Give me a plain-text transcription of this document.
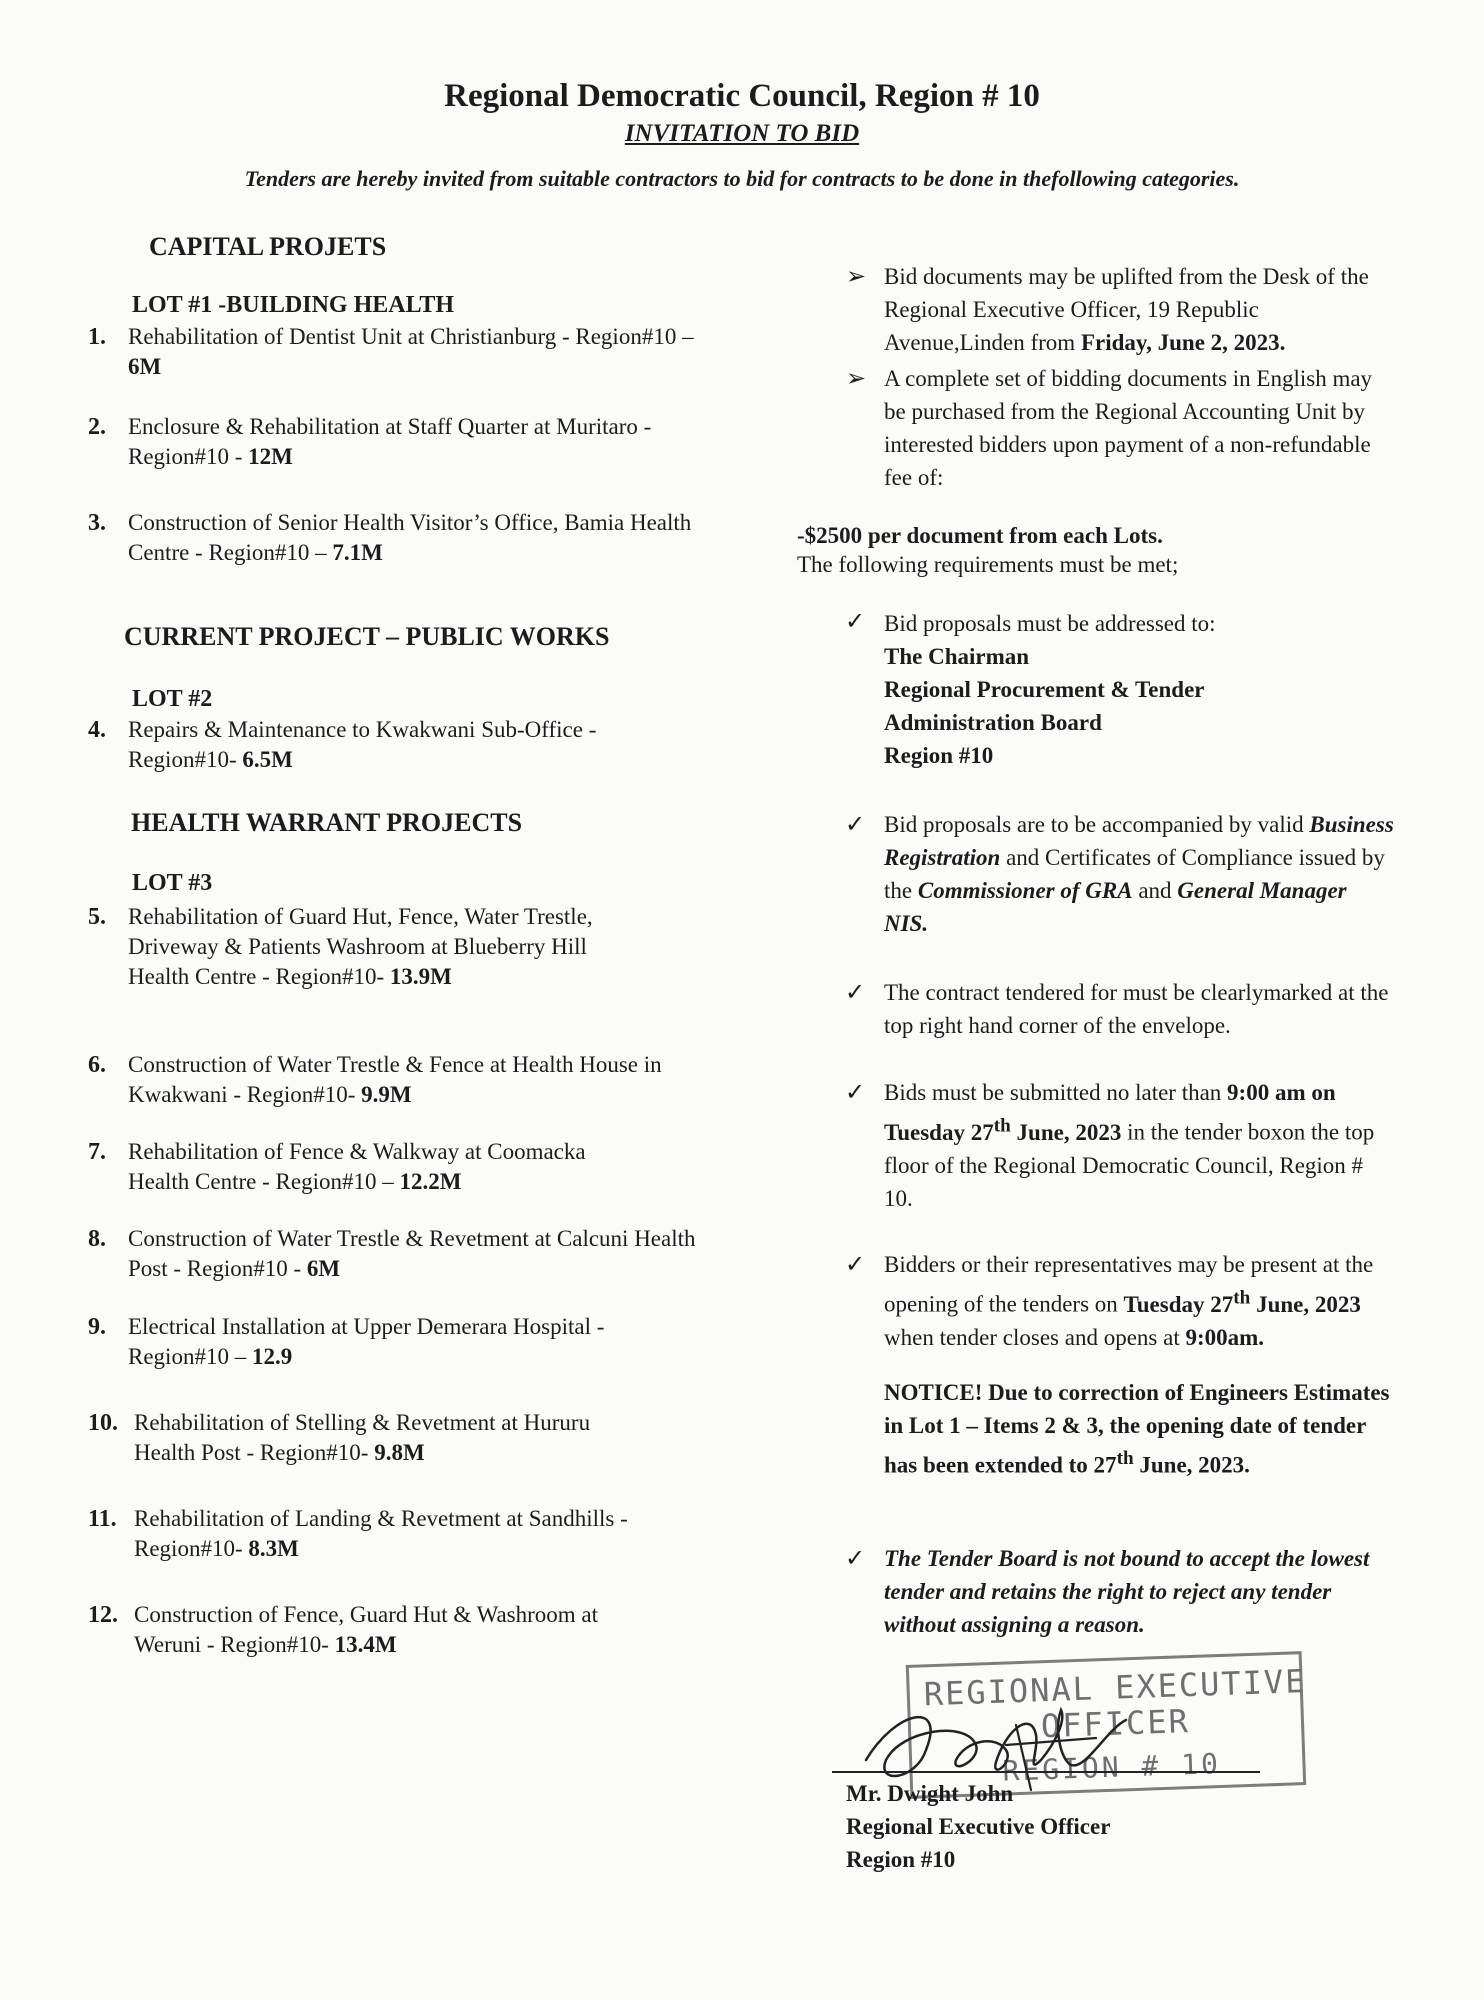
Regional Democratic Council, Region # 10
INVITATION TO BID
Tenders are hereby invited from suitable contractors to bid for contracts to be done in thefollowing categories.
CAPITAL PROJETS
LOT #1 -BUILDING HEALTH
1. Rehabilitation of Dentist Unit at Christianburg - Region#10 – 6M
2. Enclosure & Rehabilitation at Staff Quarter at Muritaro - Region#10 - 12M
3. Construction of Senior Health Visitor’s Office, Bamia Health Centre - Region#10 – 7.1M
CURRENT PROJECT – PUBLIC WORKS
LOT #2
4. Repairs & Maintenance to Kwakwani Sub-Office - Region#10- 6.5M
HEALTH WARRANT PROJECTS
LOT #3
5. Rehabilitation of Guard Hut, Fence, Water Trestle, Driveway & Patients Washroom at Blueberry Hill Health Centre - Region#10- 13.9M
6. Construction of Water Trestle & Fence at Health House in Kwakwani - Region#10- 9.9M
7. Rehabilitation of Fence & Walkway at Coomacka Health Centre - Region#10 – 12.2M
8. Construction of Water Trestle & Revetment at Calcuni Health Post - Region#10 - 6M
9. Electrical Installation at Upper Demerara Hospital - Region#10 – 12.9
10. Rehabilitation of Stelling & Revetment at Hururu Health Post - Region#10- 9.8M
11. Rehabilitation of Landing & Revetment at Sandhills - Region#10- 8.3M
12. Construction of Fence, Guard Hut & Washroom at Weruni - Region#10- 13.4M
➢ Bid documents may be uplifted from the Desk of the Regional Executive Officer, 19 Republic Avenue,Linden from Friday, June 2, 2023.
➢ A complete set of bidding documents in English may be purchased from the Regional Accounting Unit by interested bidders upon payment of a non-refundable fee of:
-$2500 per document from each Lots.
The following requirements must be met;
✓ Bid proposals must be addressed to:
The Chairman
Regional Procurement & Tender
Administration Board
Region #10
✓ Bid proposals are to be accompanied by valid Business Registration and Certificates of Compliance issued by the Commissioner of GRA and General Manager NIS.
✓ The contract tendered for must be clearlymarked at the top right hand corner of the envelope.
✓ Bids must be submitted no later than 9:00 am on Tuesday 27th June, 2023 in the tender boxon the top floor of the Regional Democratic Council, Region # 10.
✓ Bidders or their representatives may be present at the opening of the tenders on Tuesday 27th June, 2023 when tender closes and opens at 9:00am.
NOTICE! Due to correction of Engineers Estimates in Lot 1 – Items 2 & 3, the opening date of tender has been extended to 27th June, 2023.
✓ The Tender Board is not bound to accept the lowest tender and retains the right to reject any tender without assigning a reason.
REGIONAL EXECUTIVE
OFFICER
REGION # 10
Mr. Dwight John
Regional Executive Officer
Region #10
